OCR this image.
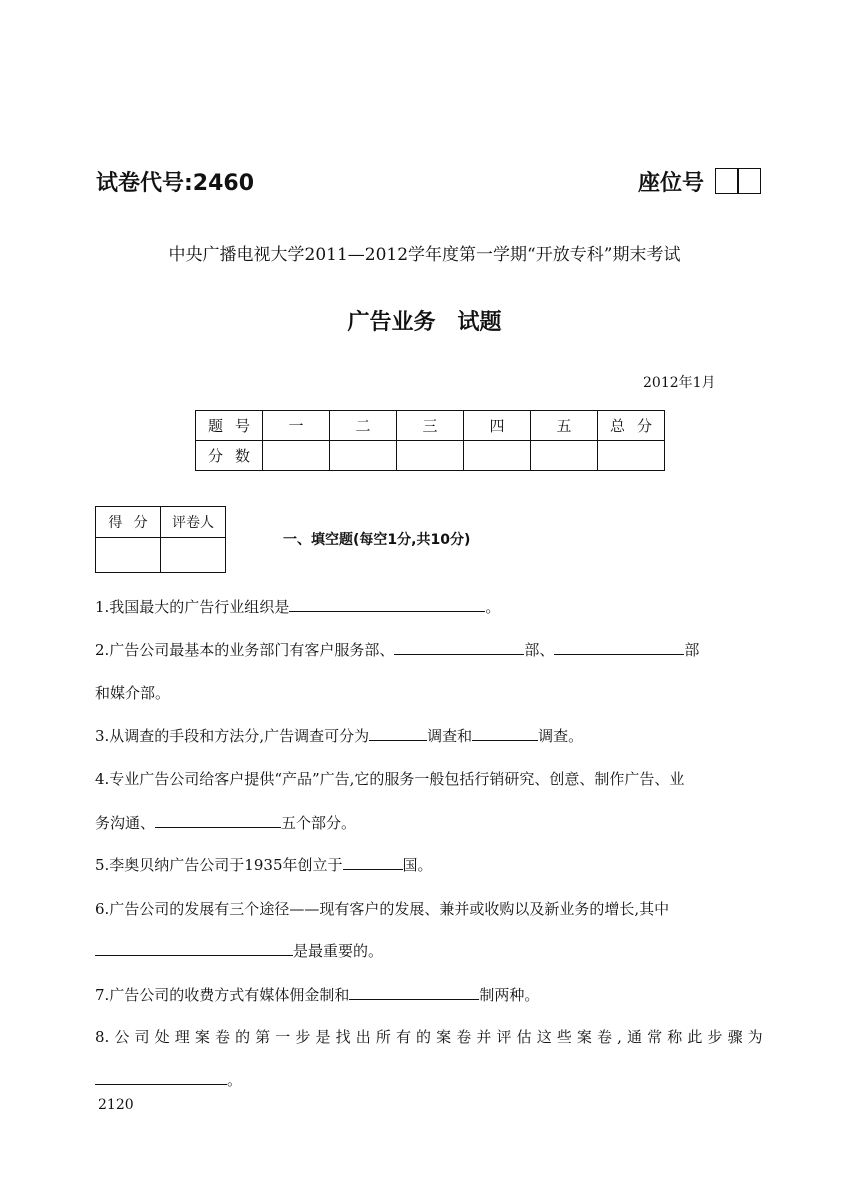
试卷代号:2460	座位号
中央广播电视大学2011—2012学年度第一学期“开放专科”期末考试
广告业务　试题
2012年1月
题号	一	二	三	四	五	总分
分数						
得分	评卷人

一、填空题(每空1分,共10分)
1.我国最大的广告行业组织是	。
2.广告公司最基本的业务部门有客户服务部、	部、	部
和媒介部。
3.从调查的手段和方法分,广告调查可分为	调查和	调查。
4.专业广告公司给客户提供“产品”广告,它的服务一般包括行销研究、创意、制作广告、业
务沟通、	五个部分。
5.李奥贝纳广告公司于1935年创立于	国。
6.广告公司的发展有三个途径——现有客户的发展、兼并或收购以及新业务的增长,其中
是最重要的。
7.广告公司的收费方式有媒体佣金制和	制两种。
8. 公 司 处 理 案 卷 的 第 一 步 是 找 出 所 有 的 案 卷 并 评 估 这 些 案 卷 , 通 常 称 此 步 骤 为
。
2120
